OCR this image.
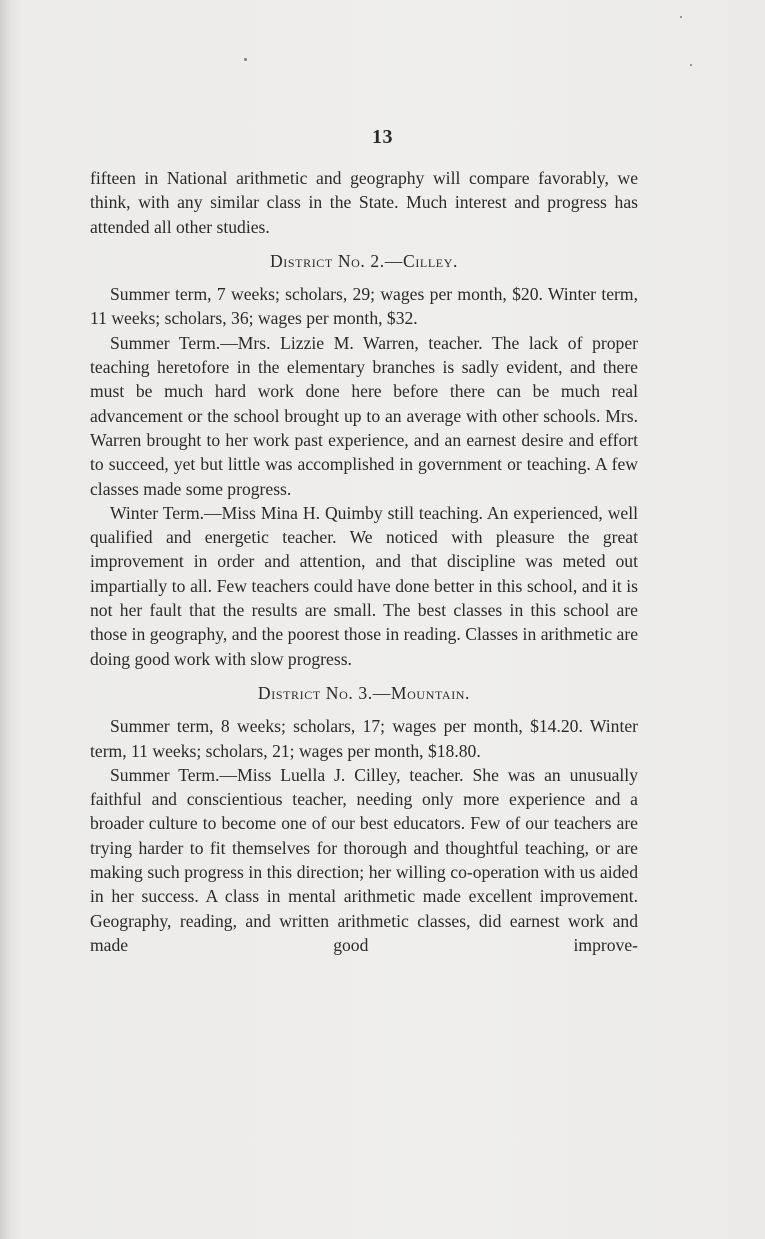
13

fifteen in National arithmetic and geography will compare favorably, we think, with any similar class in the State. Much interest and progress has attended all other studies.

District No. 2.—Cilley.

Summer term, 7 weeks; scholars, 29; wages per month, $20. Winter term, 11 weeks; scholars, 36; wages per month, $32.

Summer Term.—Mrs. Lizzie M. Warren, teacher. The lack of proper teaching heretofore in the elementary branches is sadly evident, and there must be much hard work done here before there can be much real advancement or the school brought up to an average with other schools. Mrs. Warren brought to her work past experience, and an earnest desire and effort to succeed, yet but little was accomplished in government or teaching. A few classes made some progress.

Winter Term.—Miss Mina H. Quimby still teaching. An experienced, well qualified and energetic teacher. We noticed with pleasure the great improvement in order and attention, and that discipline was meted out impartially to all. Few teachers could have done better in this school, and it is not her fault that the results are small. The best classes in this school are those in geography, and the poorest those in reading. Classes in arithmetic are doing good work with slow progress.

District No. 3.—Mountain.

Summer term, 8 weeks; scholars, 17; wages per month, $14.20. Winter term, 11 weeks; scholars, 21; wages per month, $18.80.

Summer Term.—Miss Luella J. Cilley, teacher. She was an unusually faithful and conscientious teacher, needing only more experience and a broader culture to become one of our best educators. Few of our teachers are trying harder to fit themselves for thorough and thoughtful teaching, or are making such progress in this direction; her willing co-operation with us aided in her success. A class in mental arithmetic made excellent improvement. Geography, reading, and written arithmetic classes, did earnest work and made good improve-
